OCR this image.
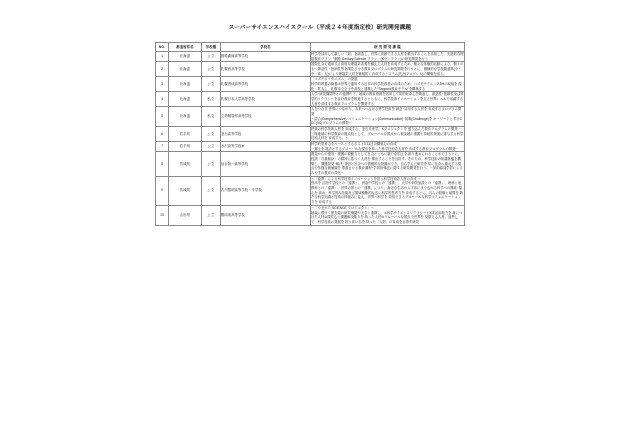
スーパーサイエンスハイスクール（平成２４年度指定校）研究開発課題
NO.	都道府県名	学校種	学校名	研 究 開 発 課 題
1	北海道	公立	釧路湖陵高等学校	科学を活用して新しい「知」を創造し、世界に貢献できる人材を輩出することを目指した、先進的な理数教育プラン「釧路 Century Science プラン」(Kセンプラン)の研究開発を行う
2	北海道	公立	札幌西高等学校	国際社会で通用する高度な理数系素養を備えた人材を育成するため、様々な体験的活動により、個々のもつ創造性・独創性等を開花させる教育プログラムの研究開発を行うとに、積極的な学校間連携(小・中・高・大)により理数系人材を継続的に育成するシステム(札西プログレス)の構築を図る。
3	北海道	公立	札幌啓成高等学校	「コズモポリタニズム」の発展
科学的教養の涵養は世界で通用する日本の科学技術者の育成のため、コズモサイエンス5Hの取組を 深化・拡大し、札幌市立全小中高校と連携した"Sapporo教育モデル"を構築する
4	北海道	私立	札幌日本大学高等学校	大学･研究機関等との連携の下、地域の教育資源を活用して知的好奇心を喚起し、創造性･独創性及び科学的リテラシーを育む教育を推進するとともに、科学技術イノベーションを支え世界レベルで活躍する人材を育成する教育プログラムを開発する
5	北海道	私立	立命館慶祥高等学校	人をつなぎ 世界につながり、未来へつなげる科学技術を 創造･活用する人材を 育成するプログラム開発
～総合(Comprehensive)･コミュニケーション(Communication)･挑戦(Challenge)を キーワードとするCCC(3C)プログラムの開発～
6	岩手県	公立	釜石高等学校	将来の科学技術人材を 育成する、釜石未来学、Kプロジェクトを 盛り込んだ教育プログラムの開発 ～三陸地域の科学教育の拠点校として、グローバルな視点から被災地の復興と持続的発展に寄与する科学技術人材を 育成する。～
7	岩手県	公立	水沢高等学校★	科学的思考力をベースとするポスト3.11社会構築力の育成
－郷土を 拠点とするグローバルな視点を持った科学技術系人材を 育成する教育プログラムの開発－
8	宮城県	公立	仙台第一高等学校	震災からの復旧・復興の原動力として社会とともに新たな国土を 創り進められることができるとに、校訓「自重献身」の精神に基づく人材を 輩出することを目指す。そのため、科学技術の知識基盤を構築し、課題発見･解決･発信と社会への情報的な発揮ができ、自ら学んだ研究を 常に社会へ還元する視点や多様な価値観を 尊重させる教育課程･学習指導法に関する研究開発を行う。～知的協同学習によるみやぎの教育の深化～
9	宮城県	公立	古川黎明高等学校・中学校	～「連携」による科学技術イノベーションを担う科学技術系人材の育成 ～
併高を 目指す学校との「連携」、併設中学校との「連携」、大学や研究施設との「連携」、理科と他教科との「連携」、世界の国との「連携」により、身近な生活から宇宙にまで広がる科学への興味･関心を 高め、科学的な技能及び領域横断的な広い科学的思考力を 育成するとに、自らの経験と疑問を 新たな科学知識と技術の枠組みに変え、世界へ科学を 発信できるグローバルな科学コミュニケーション力を 育成する
10	山形県	公立	鶴岡南高等学校	～「やまがた SCIENCE プロジェクト」～
地域に根付く最先端の研究機関や大学と連携し、①科学サイエンスリテラシーとICT活用能力を 身につけた人材②探究心と課題解決能力を 持った人材③グローバルな視点で世界を 見据える人材、加熱して、科学技術の発展を 担う高い志を 持った「人財」の育成を目指す研究
